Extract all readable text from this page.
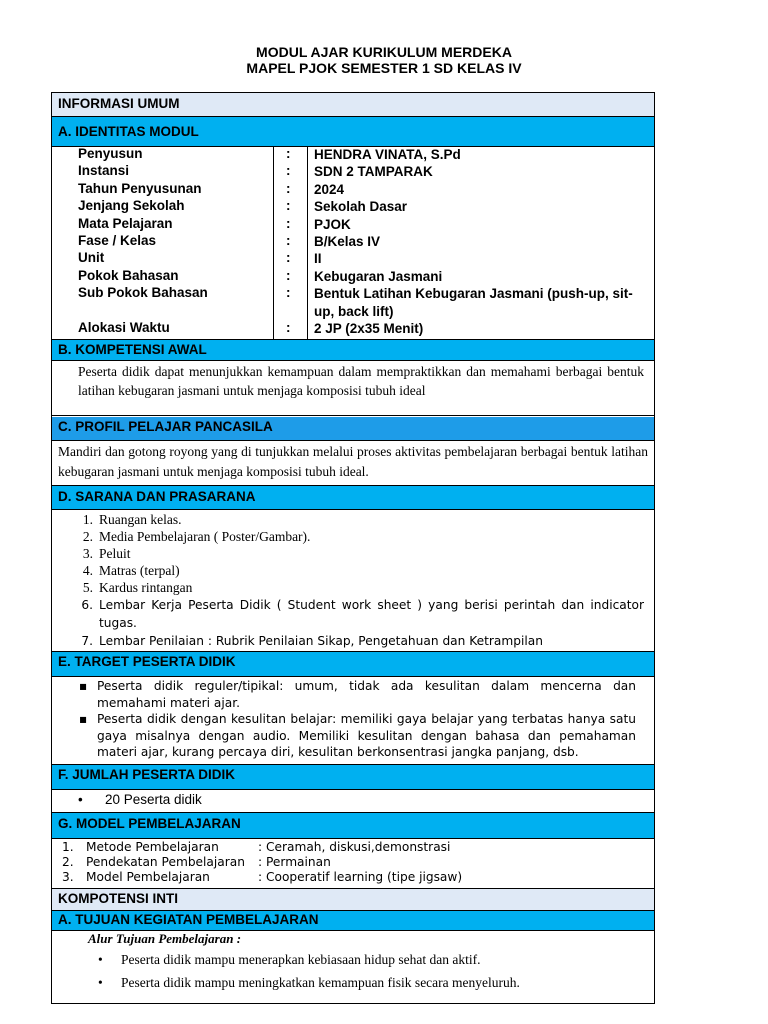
MODUL AJAR KURIKULUM MERDEKA
MAPEL PJOK SEMESTER 1 SD KELAS IV
INFORMASI UMUM
A. IDENTITAS MODUL
Penyusun	: HENDRA VINATA, S.Pd
Instansi	: SDN 2 TAMPARAK
Tahun Penyusunan	: 2024
Jenjang Sekolah	: Sekolah Dasar
Mata Pelajaran	: PJOK
Fase / Kelas	: B/Kelas IV
Unit	: II
Pokok Bahasan	: Kebugaran Jasmani
Sub Pokok Bahasan	: Bentuk Latihan Kebugaran Jasmani (push-up, sit-up, back lift)
Alokasi Waktu	: 2 JP (2x35 Menit)
B. KOMPETENSI AWAL
Peserta didik dapat menunjukkan kemampuan dalam mempraktikkan dan memahami berbagai bentuk latihan kebugaran jasmani untuk menjaga komposisi tubuh ideal
C. PROFIL PELAJAR PANCASILA
Mandiri dan gotong royong yang di tunjukkan melalui proses aktivitas pembelajaran berbagai bentuk latihan kebugaran jasmani untuk menjaga komposisi tubuh ideal.
D. SARANA DAN PRASARANA
1. Ruangan kelas.
2. Media Pembelajaran ( Poster/Gambar).
3. Peluit
4. Matras (terpal)
5. Kardus rintangan
6. Lembar Kerja Peserta Didik ( Student work sheet ) yang berisi perintah dan indicator tugas.
7. Lembar Penilaian : Rubrik Penilaian Sikap, Pengetahuan dan Ketrampilan
E. TARGET PESERTA DIDIK
▪ Peserta didik reguler/tipikal: umum, tidak ada kesulitan dalam mencerna dan memahami materi ajar.
▪ Peserta didik dengan kesulitan belajar: memiliki gaya belajar yang terbatas hanya satu gaya misalnya dengan audio. Memiliki kesulitan dengan bahasa dan pemahaman materi ajar, kurang percaya diri, kesulitan berkonsentrasi jangka panjang, dsb.
F. JUMLAH PESERTA DIDIK
• 20 Peserta didik
G. MODEL PEMBELAJARAN
1. Metode Pembelajaran	: Ceramah, diskusi,demonstrasi
2. Pendekatan Pembelajaran : Permainan
3. Model Pembelajaran	: Cooperatif learning (tipe jigsaw)
KOMPOTENSI INTI
A. TUJUAN KEGIATAN PEMBELAJARAN
Alur Tujuan Pembelajaran :
• Peserta didik mampu menerapkan kebiasaan hidup sehat dan aktif.
• Peserta didik mampu meningkatkan kemampuan fisik secara menyeluruh.
